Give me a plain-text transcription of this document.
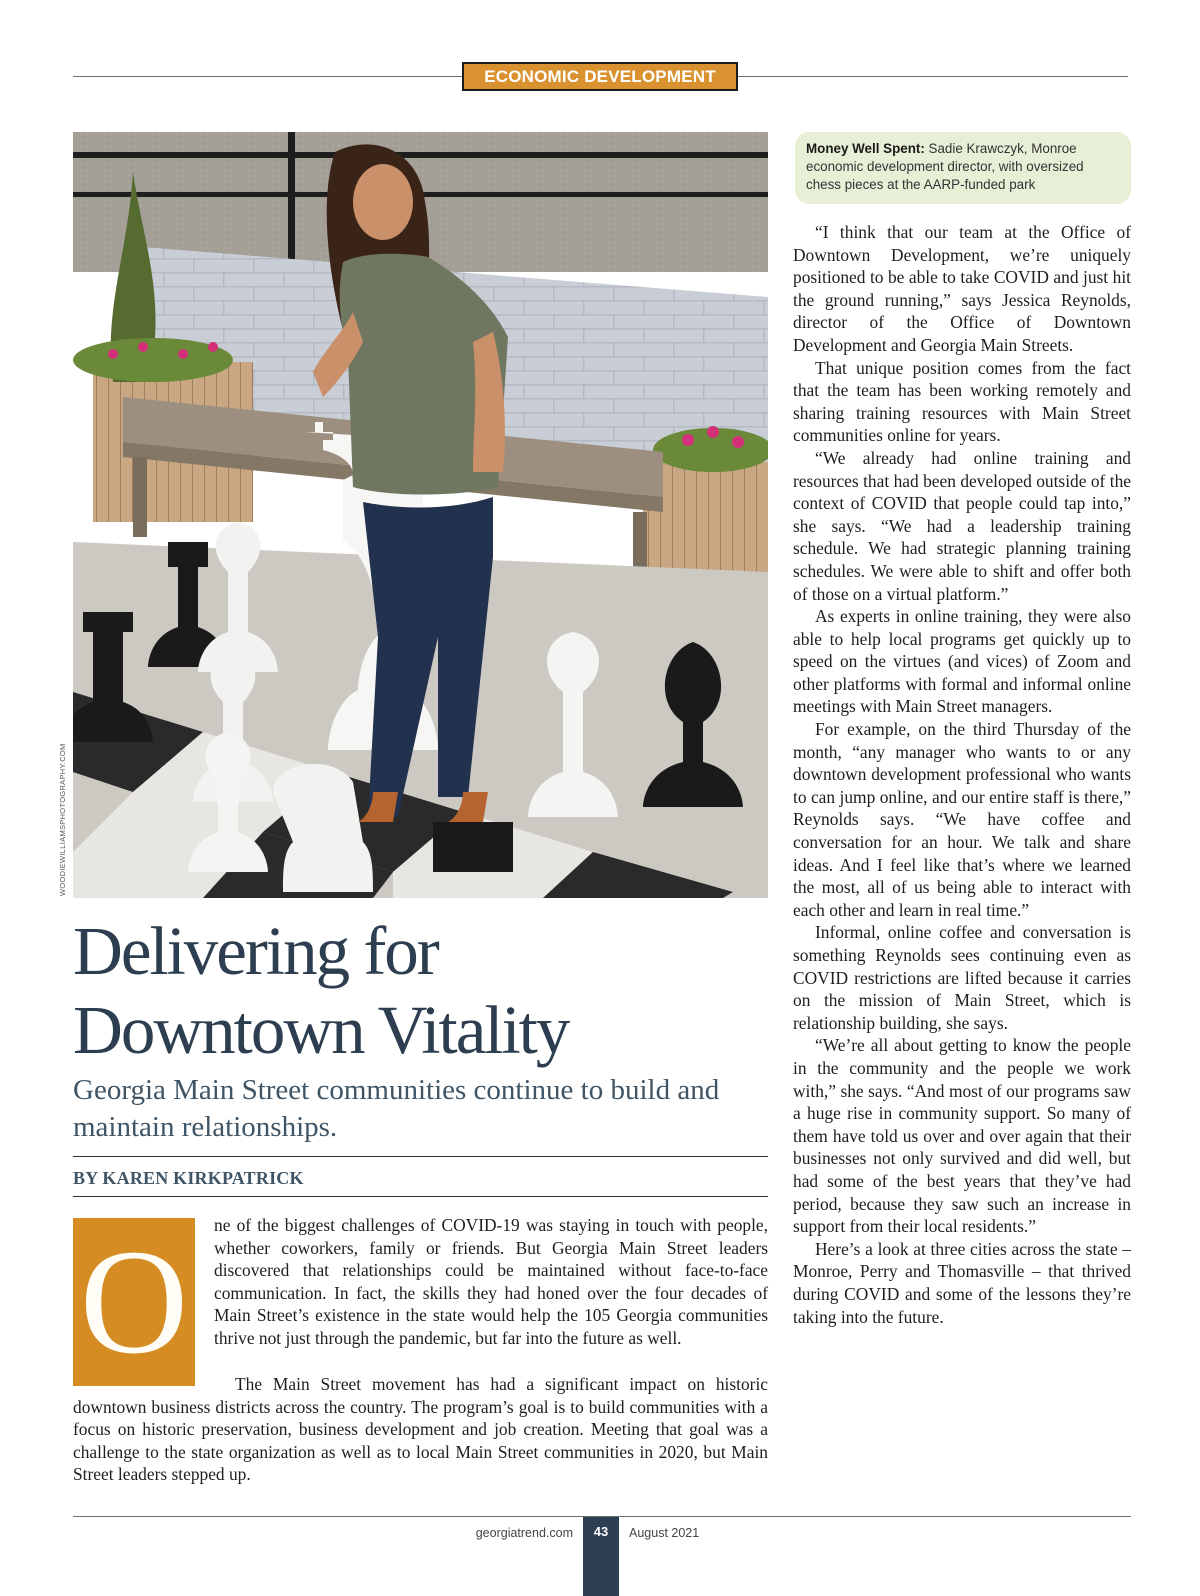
ECONOMIC DEVELOPMENT
WOODIEWILLIAMSPHOTOGRAPHY.COM
Money Well Spent: Sadie Krawczyk, Monroe economic development director, with oversized chess pieces at the AARP-funded park
Delivering for
Downtown Vitality
Georgia Main Street communities continue to build and maintain relationships.
BY KAREN KIRKPATRICK
O	ne of the biggest challenges of COVID-19 was staying in touch with people, whether coworkers, family or friends. But Georgia Main Street leaders discovered that relationships could be maintained without face-to-face communication. In fact, the skills they had honed over the four decades of Main Street’s existence in the state would help the 105 Georgia communities thrive not just through the pandemic, but far into the future as well.

The Main Street movement has had a significant impact on historic downtown business districts across the country. The program’s goal is to build communities with a focus on historic preservation, business development and job creation. Meeting that goal was a challenge to the state organization as well as to local Main Street communities in 2020, but Main Street leaders stepped up.

“I think that our team at the Office of Downtown Development, we’re uniquely positioned to be able to take COVID and just hit the ground running,” says Jessica Reynolds, director of the Office of Downtown Development and Georgia Main Streets.

That unique position comes from the fact that the team has been working remotely and sharing training resources with Main Street communities online for years.

“We already had online training and resources that had been developed outside of the context of COVID that people could tap into,” she says. “We had a leadership training schedule. We had strategic planning training schedules. We were able to shift and offer both of those on a virtual platform.”

As experts in online training, they were also able to help local programs get quickly up to speed on the virtues (and vices) of Zoom and other platforms with formal and informal online meetings with Main Street managers.

For example, on the third Thursday of the month, “any manager who wants to or any downtown development professional who wants to can jump online, and our entire staff is there,” Reynolds says. “We have coffee and conversation for an hour. We talk and share ideas. And I feel like that’s where we learned the most, all of us being able to interact with each other and learn in real time.”

Informal, online coffee and conversation is something Reynolds sees continuing even as COVID restrictions are lifted because it carries on the mission of Main Street, which is relationship building, she says.

“We’re all about getting to know the people in the community and the people we work with,” she says. “And most of our programs saw a huge rise in community support. So many of them have told us over and over again that their businesses not only survived and did well, but had some of the best years that they’ve had period, because they saw such an increase in support from their local residents.”

Here’s a look at three cities across the state – Monroe, Perry and Thomasville – that thrived during COVID and some of the lessons they’re taking into the future.

43
georgiatrend.com	August 2021
